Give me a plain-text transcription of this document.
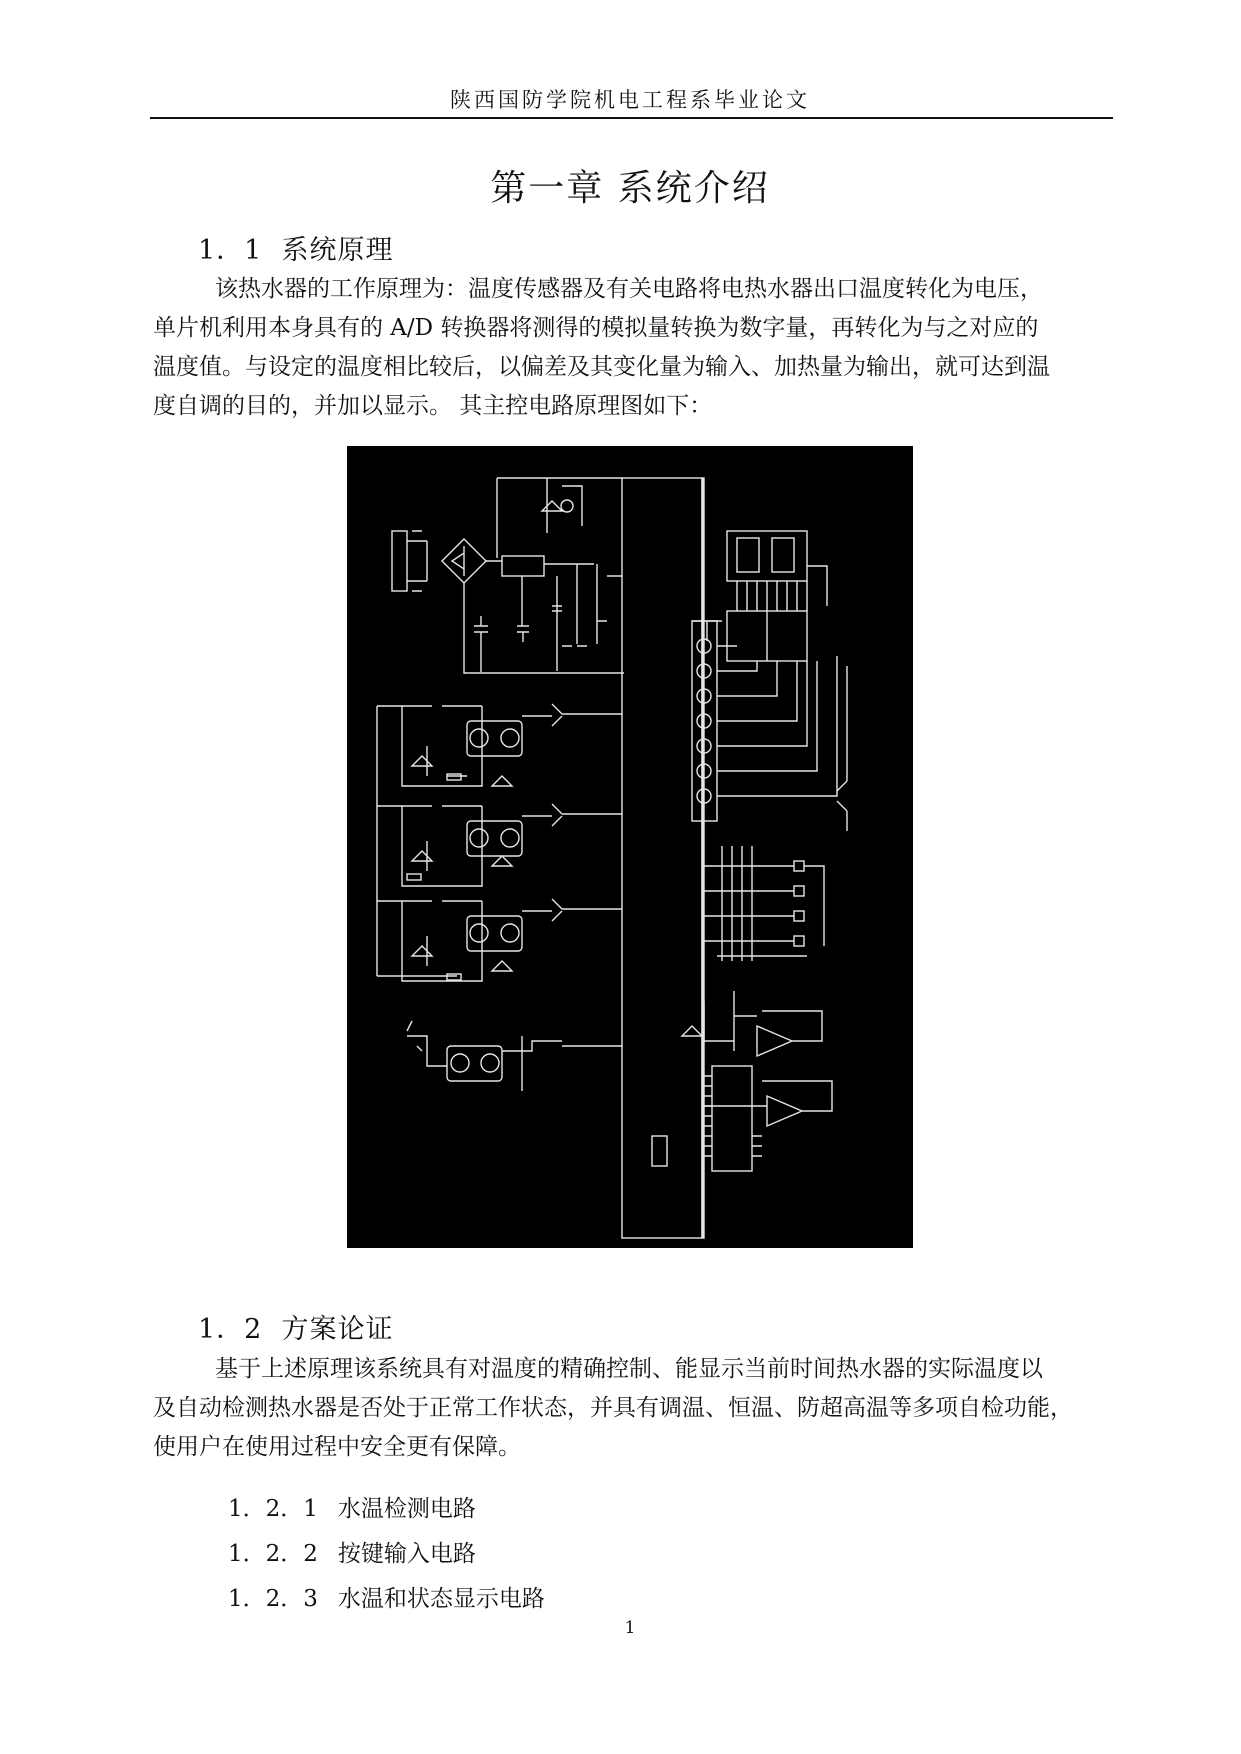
陕西国防学院机电工程系毕业论文
第一章 系统介绍
1．1 系统原理

该热水器的工作原理为：温度传感器及有关电路将电热水器出口温度转化为电压，

单片机利用本身具有的 A/D 转换器将测得的模拟量转换为数字量，再转化为与之对应的

温度值。与设定的温度相比较后，以偏差及其变化量为输入、加热量为输出，就可达到温

度自调的目的，并加以显示。 其主控电路原理图如下：

1．2 方案论证

基于上述原理该系统具有对温度的精确控制、能显示当前时间热水器的实际温度以

及自动检测热水器是否处于正常工作状态，并具有调温、恒温、防超高温等多项自检功能，

使用户在使用过程中安全更有保障。

1．2．1 水温检测电路
1．2．2 按键输入电路
1．2．3 水温和状态显示电路
1
